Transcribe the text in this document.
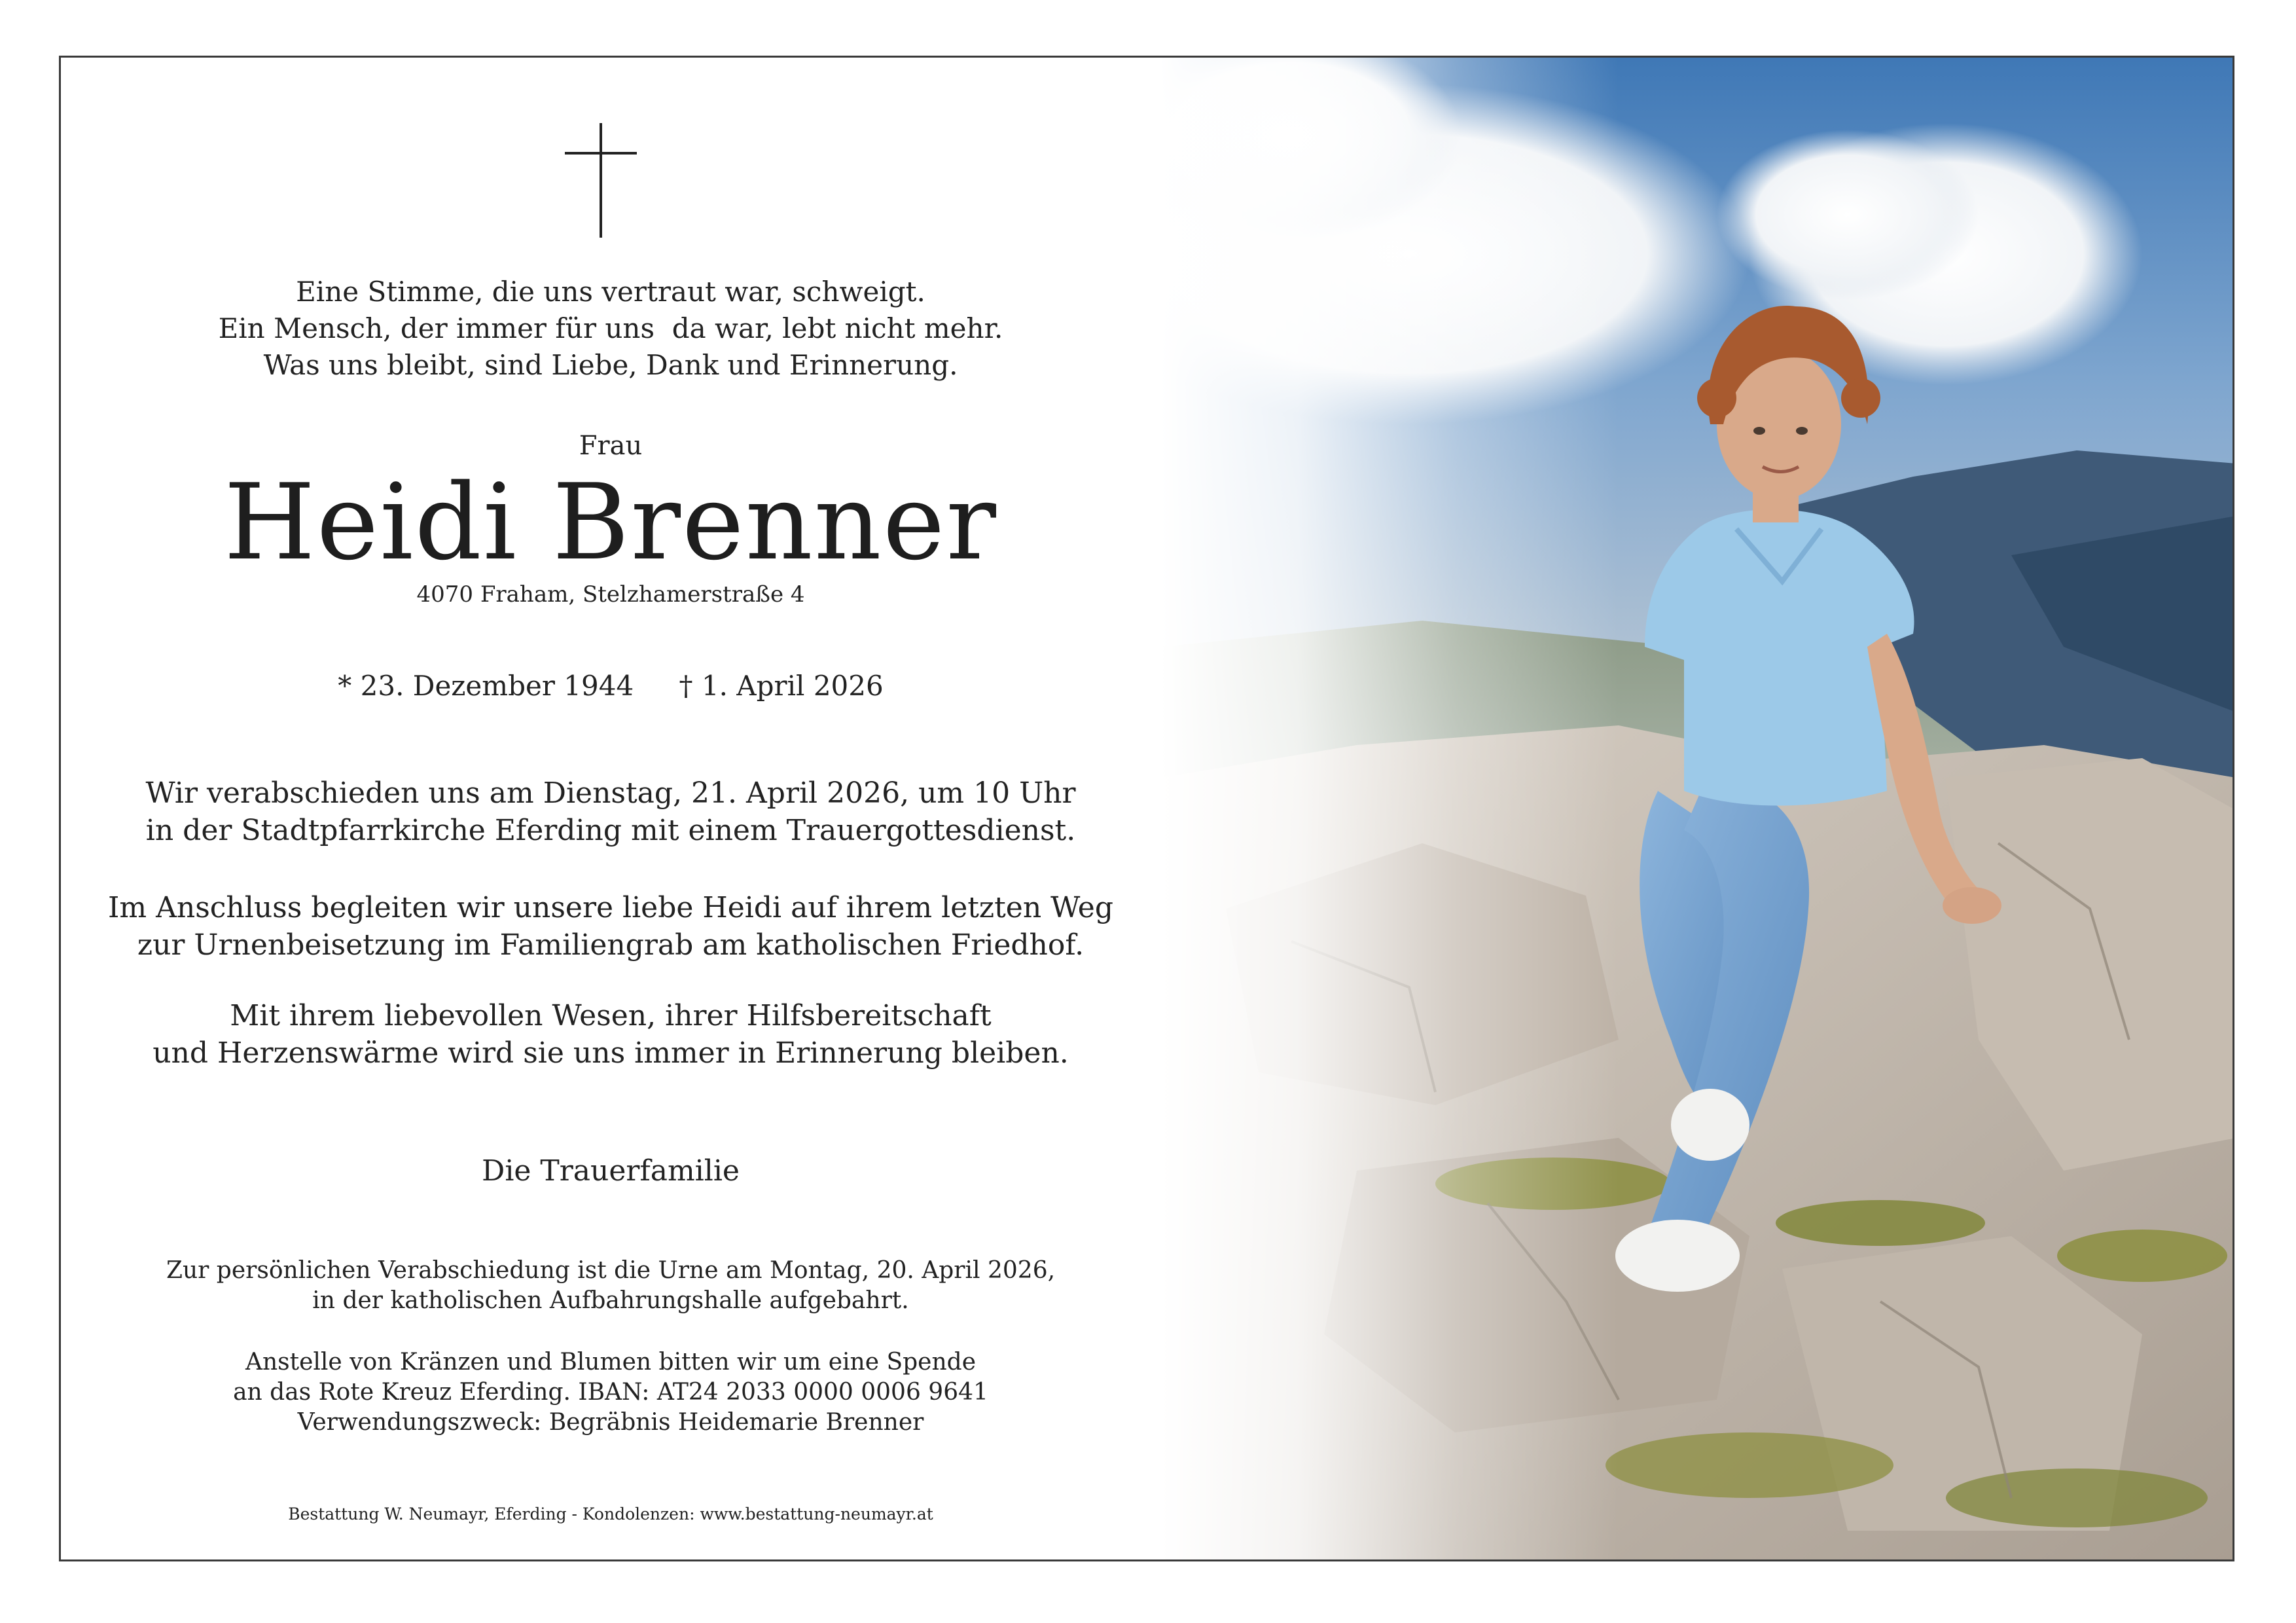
Eine Stimme, die uns vertraut war, schweigt.
Ein Mensch, der immer für uns  da war, lebt nicht mehr.
Was uns bleibt, sind Liebe, Dank und Erinnerung.
Frau
Heidi Brenner
4070 Fraham, Stelzhamerstraße 4
* 23. Dezember 1944 † 1. April 2026
Wir verabschieden uns am Dienstag, 21. April 2026, um 10 Uhr
in der Stadtpfarrkirche Eferding mit einem Trauergottesdienst.
Im Anschluss begleiten wir unsere liebe Heidi auf ihrem letzten Weg
zur Urnenbeisetzung im Familiengrab am katholischen Friedhof.
Mit ihrem liebevollen Wesen, ihrer Hilfsbereitschaft
und Herzenswärme wird sie uns immer in Erinnerung bleiben.
Die Trauerfamilie
Zur persönlichen Verabschiedung ist die Urne am Montag, 20. April 2026,
in der katholischen Aufbahrungshalle aufgebahrt.
Anstelle von Kränzen und Blumen bitten wir um eine Spende
an das Rote Kreuz Eferding. IBAN: AT24 2033 0000 0006 9641
Verwendungszweck: Begräbnis Heidemarie Brenner
Bestattung W. Neumayr, Eferding - Kondolenzen: www.bestattung-neumayr.at
